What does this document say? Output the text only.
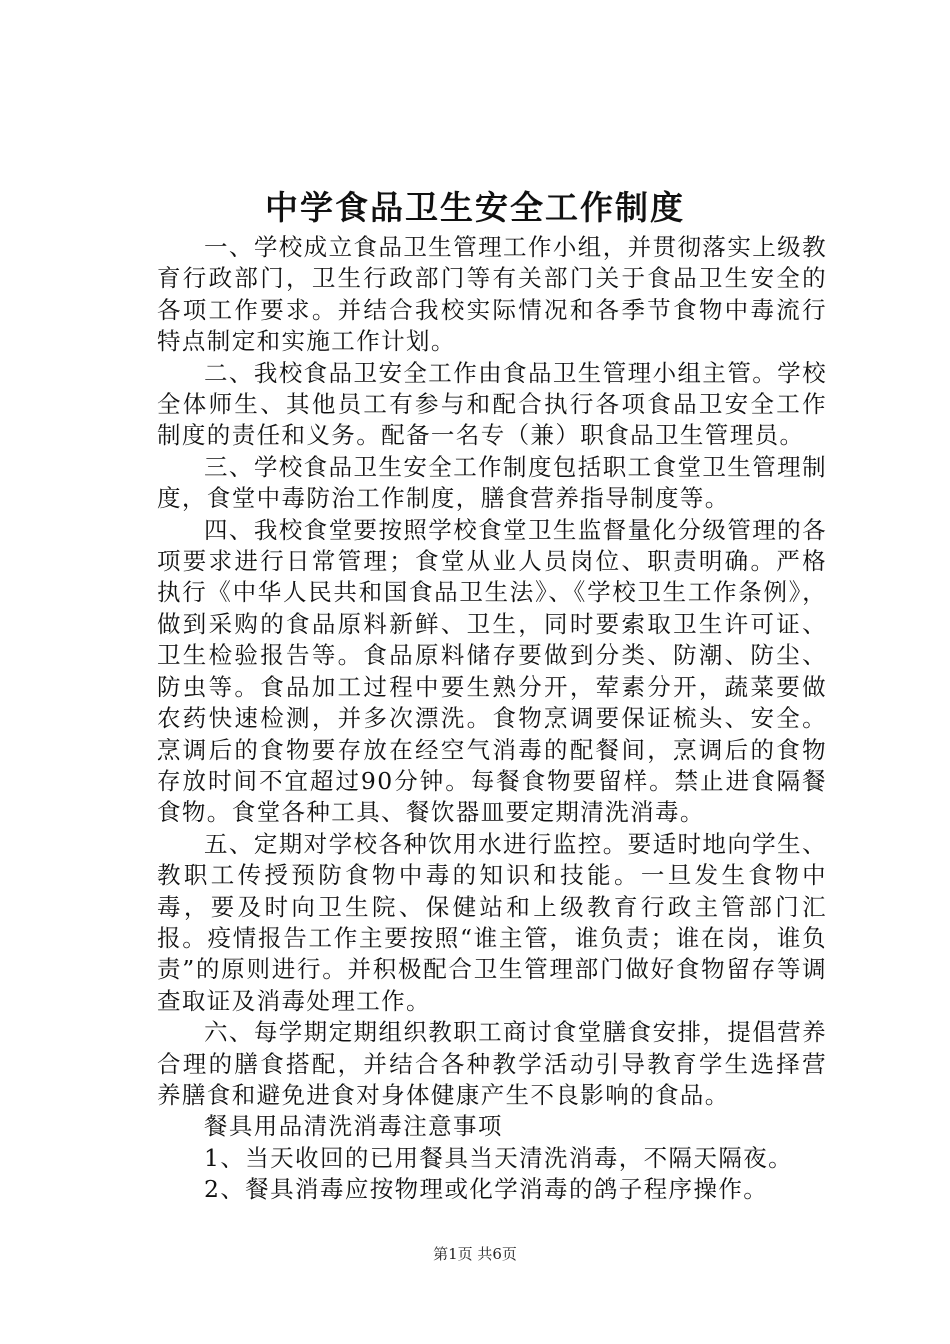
中学食品卫生安全工作制度

一、学校成立食品卫生管理工作小组，并贯彻落实上级教育行政部门，卫生行政部门等有关部门关于食品卫生安全的各项工作要求。并结合我校实际情况和各季节食物中毒流行特点制定和实施工作计划。

二、我校食品卫安全工作由食品卫生管理小组主管。学校全体师生、其他员工有参与和配合执行各项食品卫安全工作制度的责任和义务。配备一名专（兼）职食品卫生管理员。

三、学校食品卫生安全工作制度包括职工食堂卫生管理制度，食堂中毒防治工作制度，膳食营养指导制度等。

四、我校食堂要按照学校食堂卫生监督量化分级管理的各项要求进行日常管理；食堂从业人员岗位、职责明确。严格执行《中华人民共和国食品卫生法》、《学校卫生工作条例》，做到采购的食品原料新鲜、卫生，同时要索取卫生许可证、卫生检验报告等。食品原料储存要做到分类、防潮、防尘、防虫等。食品加工过程中要生熟分开，荤素分开，蔬菜要做农药快速检测，并多次漂洗。食物烹调要保证梳头、安全。烹调后的食物要存放在经空气消毒的配餐间，烹调后的食物存放时间不宜超过90分钟。每餐食物要留样。禁止进食隔餐食物。食堂各种工具、餐饮器皿要定期清洗消毒。

五、定期对学校各种饮用水进行监控。要适时地向学生、教职工传授预防食物中毒的知识和技能。一旦发生食物中毒，要及时向卫生院、保健站和上级教育行政主管部门汇报。疫情报告工作主要按照“谁主管，谁负责；谁在岗，谁负责”的原则进行。并积极配合卫生管理部门做好食物留存等调查取证及消毒处理工作。

六、每学期定期组织教职工商讨食堂膳食安排，提倡营养合理的膳食搭配，并结合各种教学活动引导教育学生选择营养膳食和避免进食对身体健康产生不良影响的食品。

餐具用品清洗消毒注意事项

1、当天收回的已用餐具当天清洗消毒，不隔天隔夜。

2、餐具消毒应按物理或化学消毒的鸽子程序操作。

第1页 共6页
